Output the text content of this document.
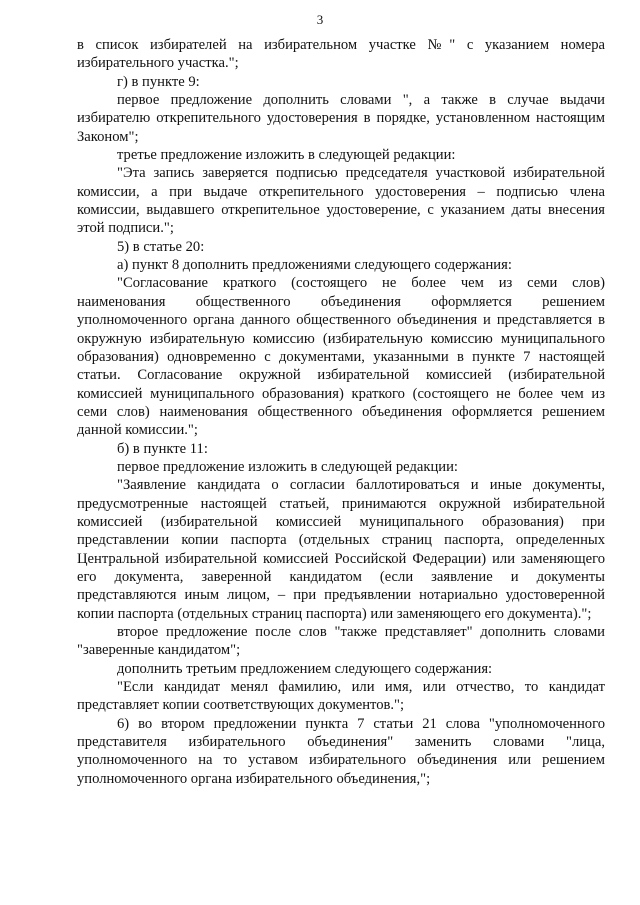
3

в список избирателей на избирательном участке №" с указанием номера избирательного участка.";

г) в пункте 9:

первое предложение дополнить словами ", а также в случае выдачи избирателю открепительного удостоверения в порядке, установленном настоящим Законом";

третье предложение изложить в следующей редакции:

"Эта запись заверяется подписью председателя участковой избирательной комиссии, а при выдаче открепительного удостоверения – подписью члена комиссии, выдавшего открепительное удостоверение, с указанием даты внесения этой подписи.";

5) в статье 20:

а) пункт 8 дополнить предложениями следующего содержания:

"Согласование краткого (состоящего не более чем из семи слов) наименования общественного объединения оформляется решением уполномоченного органа данного общественного объединения и представляется в окружную избирательную комиссию (избирательную комиссию муниципального образования) одновременно с документами, указанными в пункте 7 настоящей статьи. Согласование окружной избирательной комиссией (избирательной комиссией муниципального образования) краткого (состоящего не более чем из семи слов) наименования общественного объединения оформляется решением данной комиссии.";

б) в пункте 11:

первое предложение изложить в следующей редакции:

"Заявление кандидата о согласии баллотироваться и иные документы, предусмотренные настоящей статьей, принимаются окружной избирательной комиссией (избирательной комиссией муниципального образования) при представлении копии паспорта (отдельных страниц паспорта, определенных Центральной избирательной комиссией Российской Федерации) или заменяющего его документа, заверенной кандидатом (если заявление и документы представляются иным лицом, – при предъявлении нотариально удостоверенной копии паспорта (отдельных страниц паспорта) или заменяющего его документа).";

второе предложение после слов "также представляет" дополнить словами "заверенные кандидатом";

дополнить третьим предложением следующего содержания:

"Если кандидат менял фамилию, или имя, или отчество, то кандидат представляет копии соответствующих документов.";

6) во втором предложении пункта 7 статьи 21 слова "уполномоченного представителя избирательного объединения" заменить словами "лица, уполномоченного на то уставом избирательного объединения или решением уполномоченного органа избирательного объединения,";
